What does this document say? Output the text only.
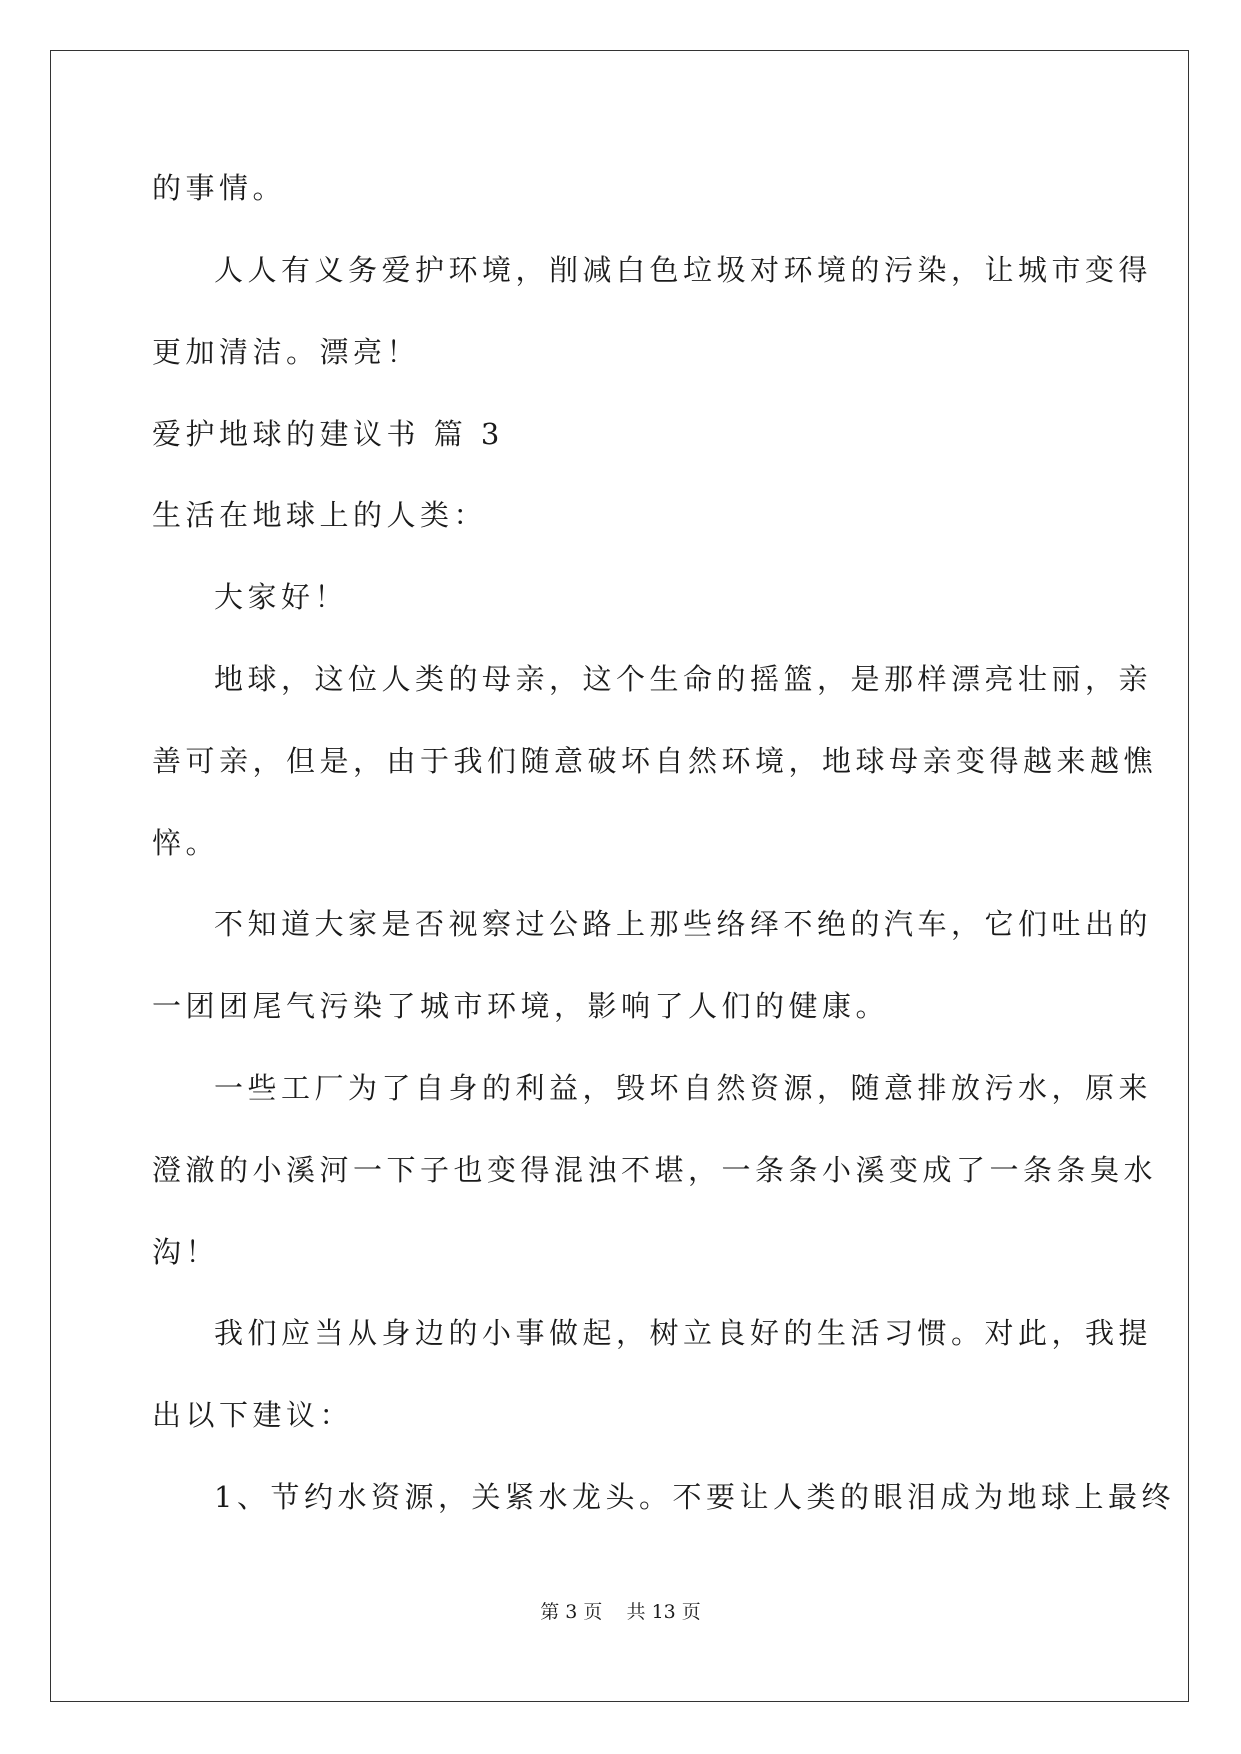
的事情。
人人有义务爱护环境，削减白色垃圾对环境的污染，让城市变得
更加清洁。漂亮！
爱护地球的建议书 篇 3
生活在地球上的人类：
大家好！
地球，这位人类的母亲，这个生命的摇篮，是那样漂亮壮丽，亲
善可亲，但是，由于我们随意破坏自然环境，地球母亲变得越来越憔
悴。
不知道大家是否视察过公路上那些络绎不绝的汽车，它们吐出的
一团团尾气污染了城市环境，影响了人们的健康。
一些工厂为了自身的利益，毁坏自然资源，随意排放污水，原来
澄澈的小溪河一下子也变得混浊不堪，一条条小溪变成了一条条臭水
沟！
我们应当从身边的小事做起，树立良好的生活习惯。对此，我提
出以下建议：
1、节约水资源，关紧水龙头。不要让人类的眼泪成为地球上最终
第 3 页    共 13 页
